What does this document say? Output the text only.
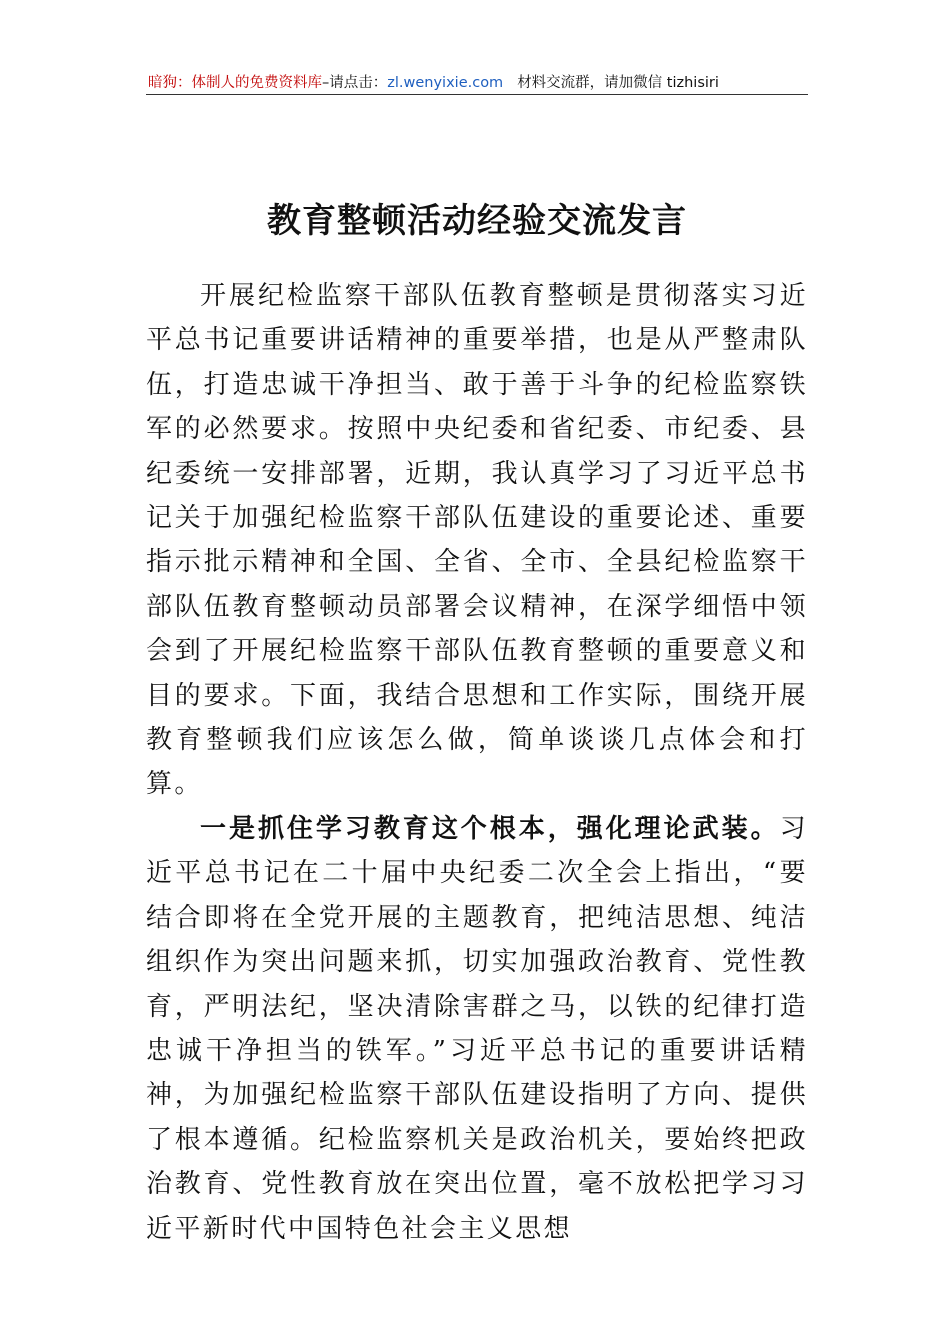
暗狗：体制人的免费资料库–请点击：zl.wenyixie.com 材料交流群，请加微信 tizhisiri
教育整顿活动经验交流发言

开展纪检监察干部队伍教育整顿是贯彻落实习近平总书记重要讲话精神的重要举措，也是从严整肃队伍，打造忠诚干净担当、敢于善于斗争的纪检监察铁军的必然要求。按照中央纪委和省纪委、市纪委、县纪委统一安排部署，近期，我认真学习了习近平总书记关于加强纪检监察干部队伍建设的重要论述、重要指示批示精神和全国、全省、全市、全县纪检监察干部队伍教育整顿动员部署会议精神，在深学细悟中领会到了开展纪检监察干部队伍教育整顿的重要意义和目的要求。下面，我结合思想和工作实际，围绕开展教育整顿我们应该怎么做，简单谈谈几点体会和打算。

一是抓住学习教育这个根本，强化理论武装。习近平总书记在二十届中央纪委二次全会上指出，“要结合即将在全党开展的主题教育，把纯洁思想、纯洁组织作为突出问题来抓，切实加强政治教育、党性教育，严明法纪，坚决清除害群之马，以铁的纪律打造忠诚干净担当的铁军。”习近平总书记的重要讲话精神，为加强纪检监察干部队伍建设指明了方向、提供了根本遵循。纪检监察机关是政治机关，要始终把政治教育、党性教育放在突出位置，毫不放松把学习习近平新时代中国特色社会主义思想
